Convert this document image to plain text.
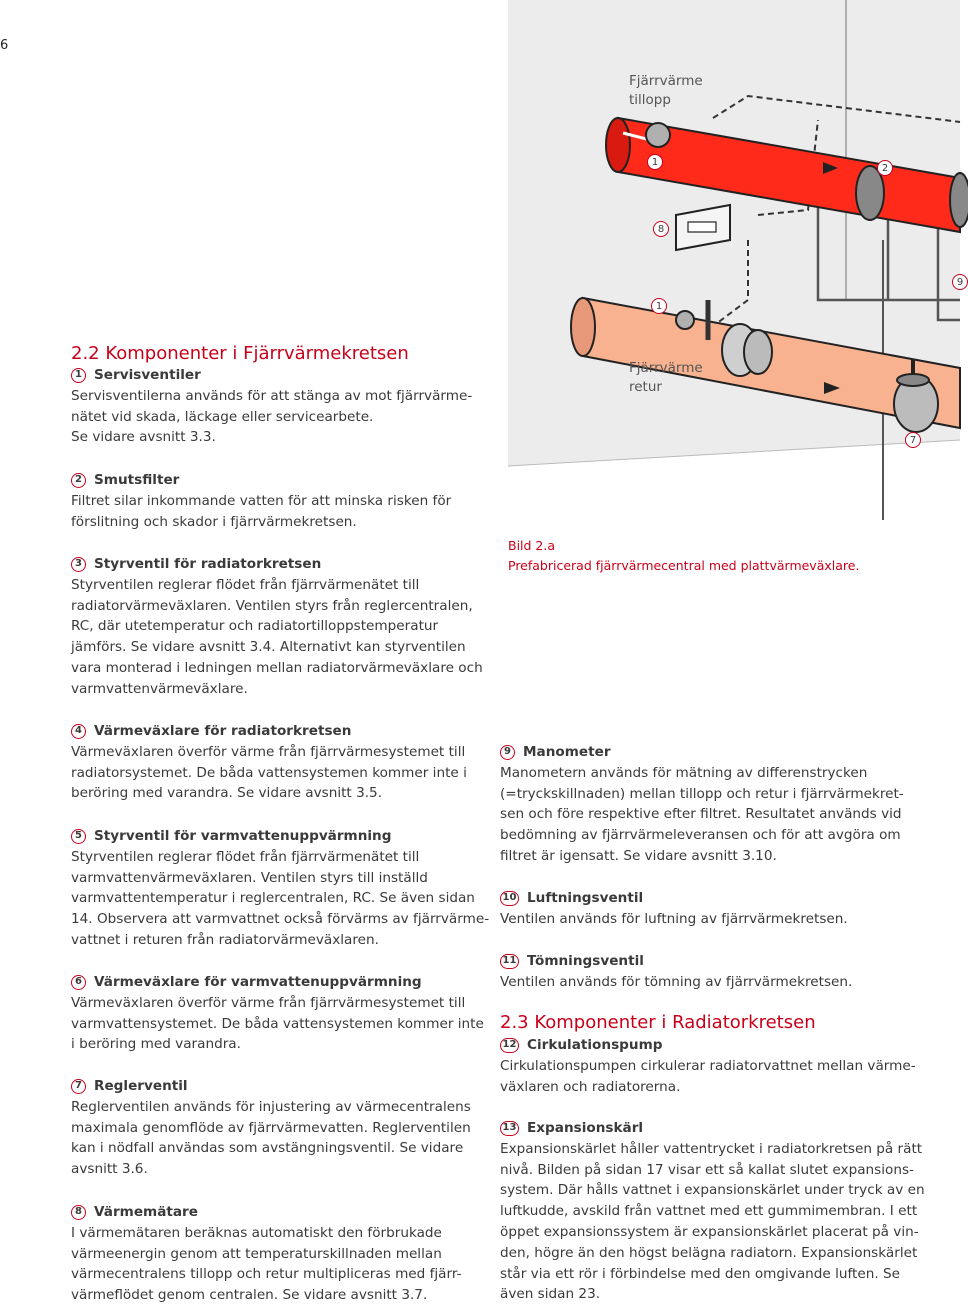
6
Fjärrvärme
tillopp
Fjärrvärme
retur
1
2
8
1
7
9
Bild 2.a
Prefabricerad fjärrvärmecentral med plattvärmeväxlare.
2.2 Komponenter i Fjärrvärmekretsen
1 Servisventiler
Servisventilerna används för att stänga av mot fjärrvärme-
nätet vid skada, läckage eller servicearbete.
Se vidare avsnitt 3.3.
2 Smutsfilter
Filtret silar inkommande vatten för att minska risken för
förslitning och skador i fjärrvärmekretsen.
3 Styrventil för radiatorkretsen
Styrventilen reglerar flödet från fjärrvärmenätet till
radiatorvärmeväxlaren. Ventilen styrs från reglercentralen,
RC, där utetemperatur och radiatortilloppstemperatur
jämförs. Se vidare avsnitt 3.4. Alternativt kan styrventilen
vara monterad i ledningen mellan radiatorvärmeväxlare och
varmvattenvärmeväxlare.
4 Värmeväxlare för radiatorkretsen
Värmeväxlaren överför värme från fjärrvärmesystemet till
radiatorsystemet. De båda vattensystemen kommer inte i
beröring med varandra. Se vidare avsnitt 3.5.
5 Styrventil för varmvattenuppvärmning
Styrventilen reglerar flödet från fjärrvärmenätet till
varmvattenvärmeväxlaren. Ventilen styrs till inställd
varmvattentemperatur i reglercentralen, RC. Se även sidan
14. Observera att varmvattnet också förvärms av fjärrvärme-
vattnet i returen från radiatorvärmeväxlaren.
6 Värmeväxlare för varmvattenuppvärmning
Värmeväxlaren överför värme från fjärrvärmesystemet till
varmvattensystemet. De båda vattensystemen kommer inte
i beröring med varandra.
7 Reglerventil
Reglerventilen används för injustering av värmecentralens
maximala genomflöde av fjärrvärmevatten. Reglerventilen
kan i nödfall användas som avstängningsventil. Se vidare
avsnitt 3.6.
8 Värmemätare
I värmemätaren beräknas automatiskt den förbrukade
värmeenergin genom att temperaturskillnaden mellan
värmecentralens tillopp och retur multipliceras med fjärr-
värmeflödet genom centralen. Se vidare avsnitt 3.7.
9 Manometer
Manometern används för mätning av differenstrycken
(=tryckskillnaden) mellan tillopp och retur i fjärrvärmekret-
sen och före respektive efter filtret. Resultatet används vid
bedömning av fjärrvärmeleveransen och för att avgöra om
filtret är igensatt. Se vidare avsnitt 3.10.
10 Luftningsventil
Ventilen används för luftning av fjärrvärmekretsen.
11 Tömningsventil
Ventilen används för tömning av fjärrvärmekretsen.
2.3 Komponenter i Radiatorkretsen
12 Cirkulationspump
Cirkulationspumpen cirkulerar radiatorvattnet mellan värme-
växlaren och radiatorerna.
13 Expansionskärl
Expansionskärlet håller vattentrycket i radiatorkretsen på rätt
nivå. Bilden på sidan 17 visar ett så kallat slutet expansions-
system. Där hålls vattnet i expansionskärlet under tryck av en
luftkudde, avskild från vattnet med ett gummimembran. I ett
öppet expansionssystem är expansionskärlet placerat på vin-
den, högre än den högst belägna radiatorn. Expansionskärlet
står via ett rör i förbindelse med den omgivande luften. Se
även sidan 23.
